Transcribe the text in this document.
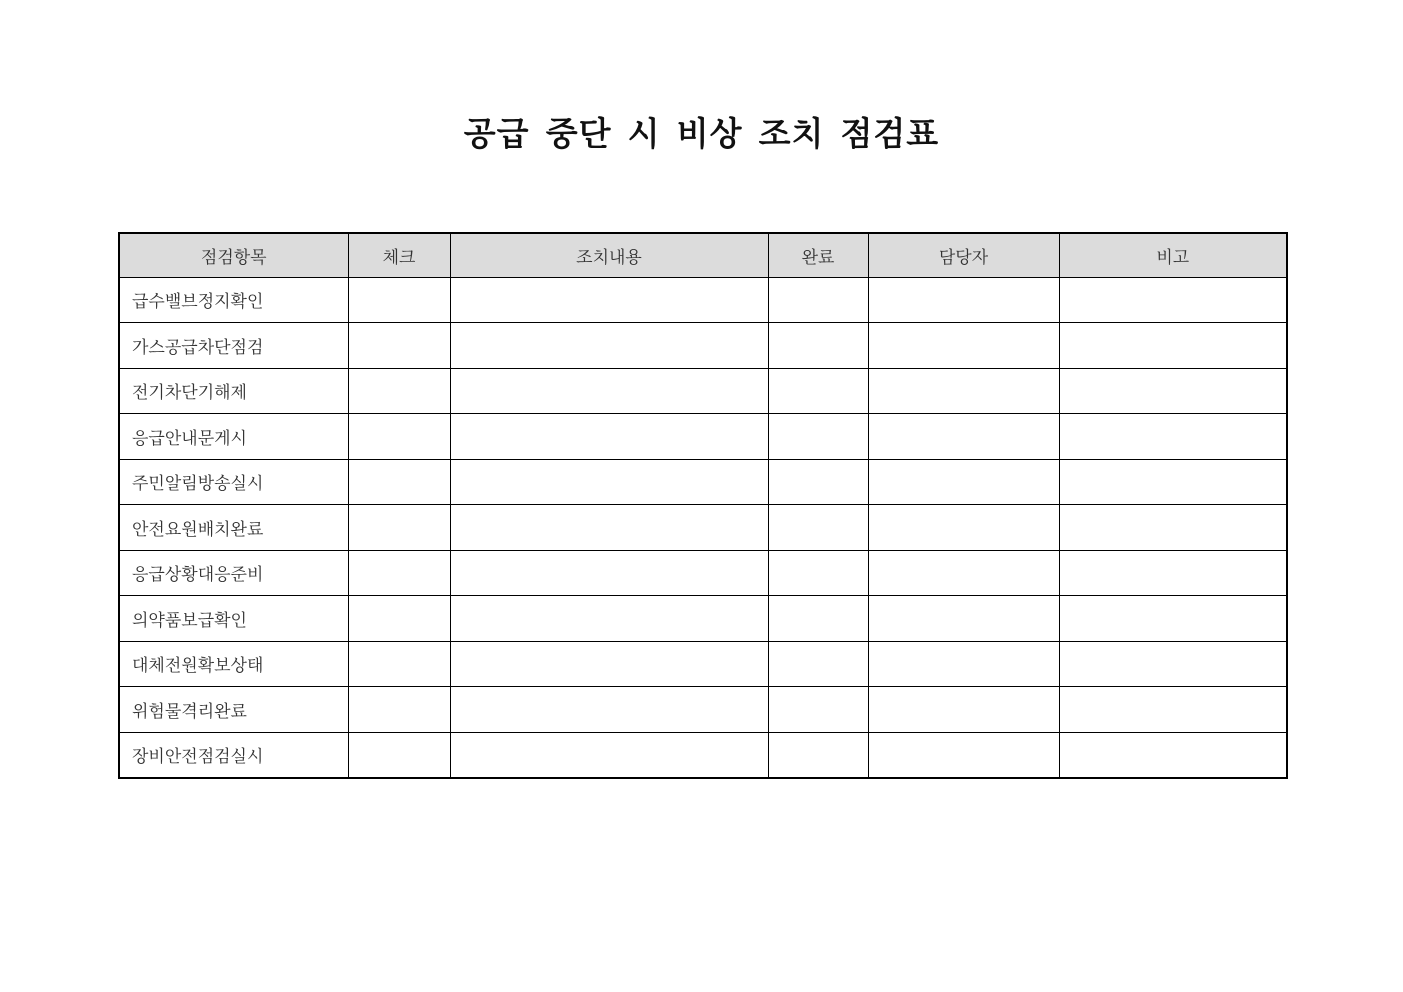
공급 중단 시 비상 조치 점검표
점검항목	체크	조치내용	완료	담당자	비고
급수밸브정지확인					
가스공급차단점검					
전기차단기해제					
응급안내문게시					
주민알림방송실시					
안전요원배치완료					
응급상황대응준비					
의약품보급확인					
대체전원확보상태					
위험물격리완료					
장비안전점검실시					
